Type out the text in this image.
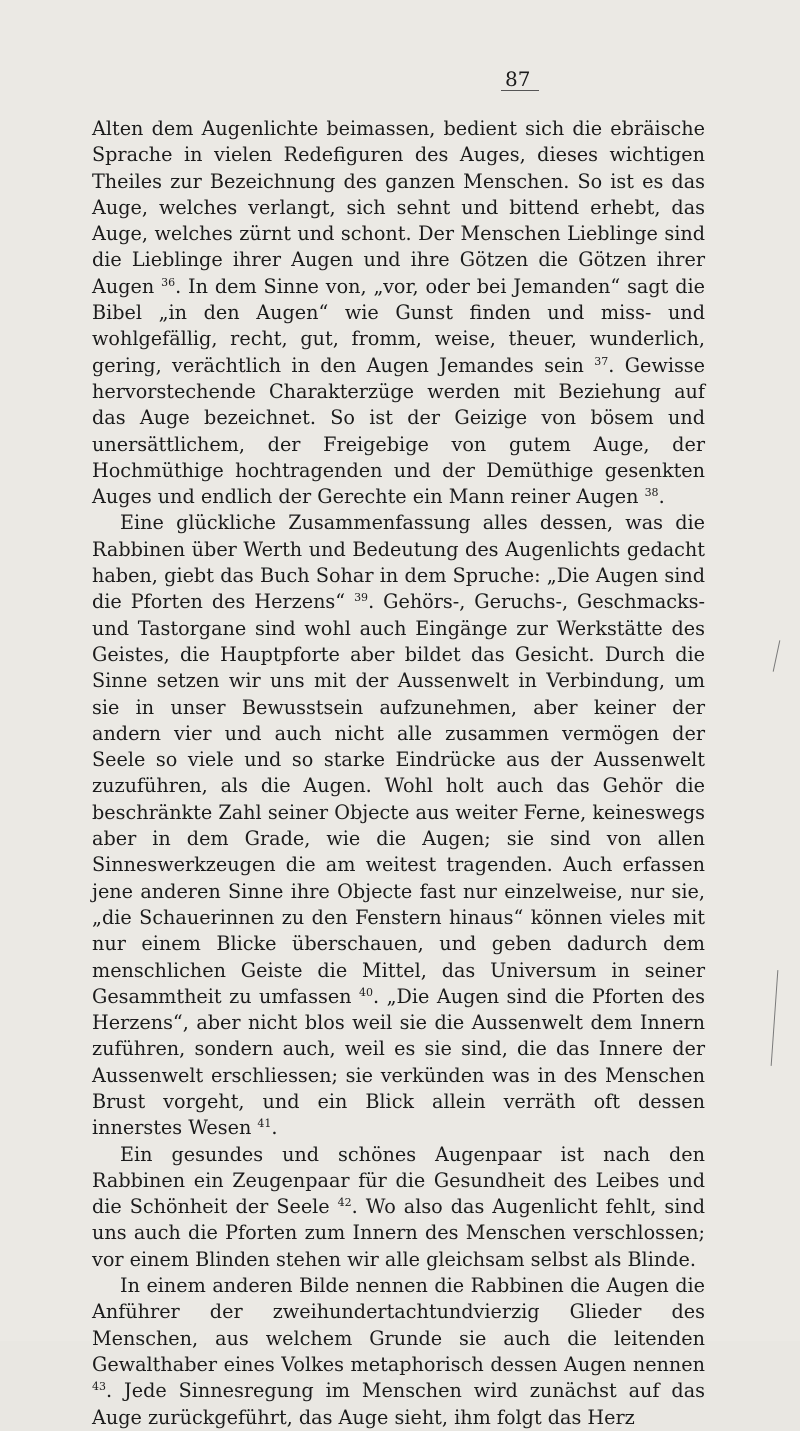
87

Alten dem Augenlichte beimassen, bedient sich die ebräische Sprache in vielen Redefiguren des Auges, dieses wichtigen Theiles zur Bezeichnung des ganzen Menschen. So ist es das Auge, welches verlangt, sich sehnt und bittend erhebt, das Auge, welches zürnt und schont. Der Menschen Lieblinge sind die Lieblinge ihrer Augen und ihre Götzen die Götzen ihrer Augen $^{36}$. In dem Sinne von, „vor, oder bei Jemanden“ sagt die Bibel „in den Augen“ wie Gunst finden und miss- und wohlgefällig, recht, gut, fromm, weise, theuer, wunderlich, gering, verächtlich in den Augen Jemandes sein $^{37}$. Gewisse hervorstechende Charakterzüge werden mit Beziehung auf das Auge bezeichnet. So ist der Geizige von bösem und unersättlichem, der Freigebige von gutem Auge, der Hochmüthige hochtragenden und der Demüthige gesenkten Auges und endlich der Gerechte ein Mann reiner Augen $^{38}$.

Eine glückliche Zusammenfassung alles dessen, was die Rabbinen über Werth und Bedeutung des Augenlichts gedacht haben, giebt das Buch Sohar in dem Spruche: „Die Augen sind die Pforten des Herzens“ $^{39}$. Gehörs-, Geruchs-, Geschmacks- und Tastorgane sind wohl auch Eingänge zur Werkstätte des Geistes, die Hauptpforte aber bildet das Gesicht. Durch die Sinne setzen wir uns mit der Aussenwelt in Verbindung, um sie in unser Bewusstsein aufzunehmen, aber keiner der andern vier und auch nicht alle zusammen vermögen der Seele so viele und so starke Eindrücke aus der Aussenwelt zuzuführen, als die Augen. Wohl holt auch das Gehör die beschränkte Zahl seiner Objecte aus weiter Ferne, keineswegs aber in dem Grade, wie die Augen; sie sind von allen Sinneswerkzeugen die am weitest tragenden. Auch erfassen jene anderen Sinne ihre Objecte fast nur einzelweise, nur sie, „die Schauerinnen zu den Fenstern hinaus“ können vieles mit nur einem Blicke überschauen, und geben dadurch dem menschlichen Geiste die Mittel, das Universum in seiner Gesammtheit zu umfassen $^{40}$. „Die Augen sind die Pforten des Herzens“, aber nicht blos weil sie die Aussenwelt dem Innern zuführen, sondern auch, weil es sie sind, die das Innere der Aussenwelt erschliessen; sie verkünden was in des Menschen Brust vorgeht, und ein Blick allein verräth oft dessen innerstes Wesen $^{41}$.

Ein gesundes und schönes Augenpaar ist nach den Rabbinen ein Zeugenpaar für die Gesundheit des Leibes und die Schönheit der Seele $^{42}$. Wo also das Augenlicht fehlt, sind uns auch die Pforten zum Innern des Menschen verschlossen; vor einem Blinden stehen wir alle gleichsam selbst als Blinde.

In einem anderen Bilde nennen die Rabbinen die Augen die Anführer der zweihundertachtundvierzig Glieder des Menschen, aus welchem Grunde sie auch die leitenden Gewalthaber eines Volkes metaphorisch dessen Augen nennen $^{43}$. Jede Sinnesregung im Menschen wird zunächst auf das Auge zurückgeführt, das Auge sieht, ihm folgt das Herz
